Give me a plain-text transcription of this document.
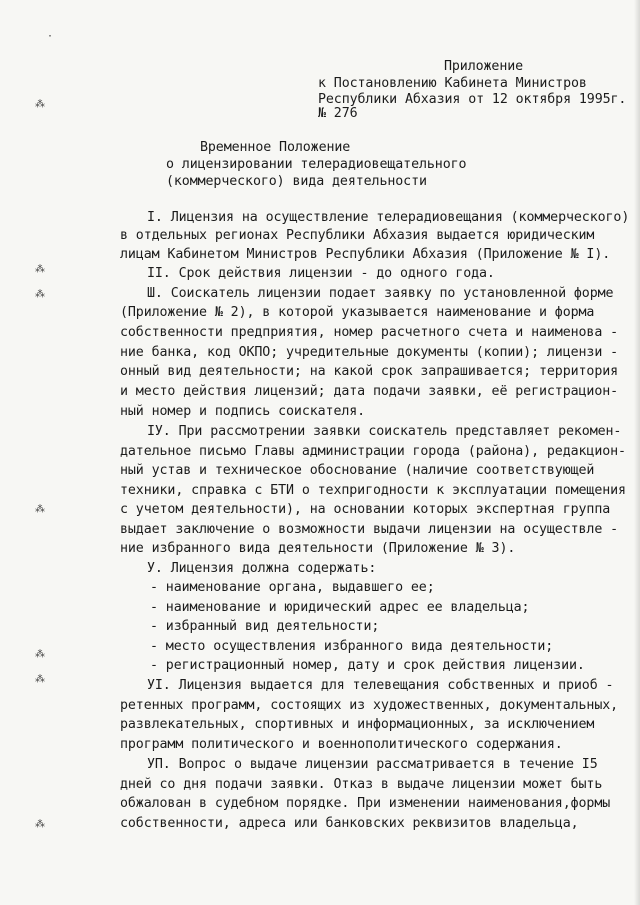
·
⁂
⁂
⁂
⁂
⁂
⁂
⁂
Приложение
к Постановлению Кабинета Министров
Республики Абхазия от 12 октября 1995г.
№ 276
Временное Положение
о лицензировании телерадиовещательного
(коммерческого) вида деятельности
I. Лицензия на осуществление телерадиовещания (коммерческого)
в отдельных регионах Республики Абхазия выдается юридическим
лицам Кабинетом Министров Республики Абхазия (Приложение № I).
II. Срок действия лицензии - до одного года.
Ш. Соискатель лицензии подает заявку по установленной форме
(Приложение № 2), в которой указывается наименование и форма
собственности предприятия, номер расчетного счета и наименова -
ние банка, код ОКПО; учредительные документы (копии); лицензи -
онный вид деятельности; на какой срок запрашивается; территория
и место действия лицензий; дата подачи заявки, её регистрацион-
ный номер и подпись соискателя.
IУ. При рассмотрении заявки соискатель представляет рекомен-
дательное письмо Главы администрации города (района), редакцион-
ный устав и техническое обоснование (наличие соответствующей
техники, справка с БТИ о техпригодности к эксплуатации помещения
с учетом деятельности), на основании которых экспертная группа
выдает заключение о возможности выдачи лицензии на осуществле -
ние избранного вида деятельности (Приложение № 3).
У. Лицензия должна содержать:
- наименование органа, выдавшего ее;
- наименование и юридический адрес ее владельца;
- избранный вид деятельности;
- место осуществления избранного вида деятельности;
- регистрационный номер, дату и срок действия лицензии.
УI. Лицензия выдается для телевещания собственных и приоб -
ретенных программ, состоящих из художественных, документальных,
развлекательных, спортивных и информационных, за исключением
программ политического и военнополитического содержания.
УП. Вопрос о выдаче лицензии рассматривается в течение I5
дней со дня подачи заявки. Отказ в выдаче лицензии может быть
обжалован в судебном порядке. При изменении наименования,формы
собственности, адреса или банковских реквизитов владельца,
